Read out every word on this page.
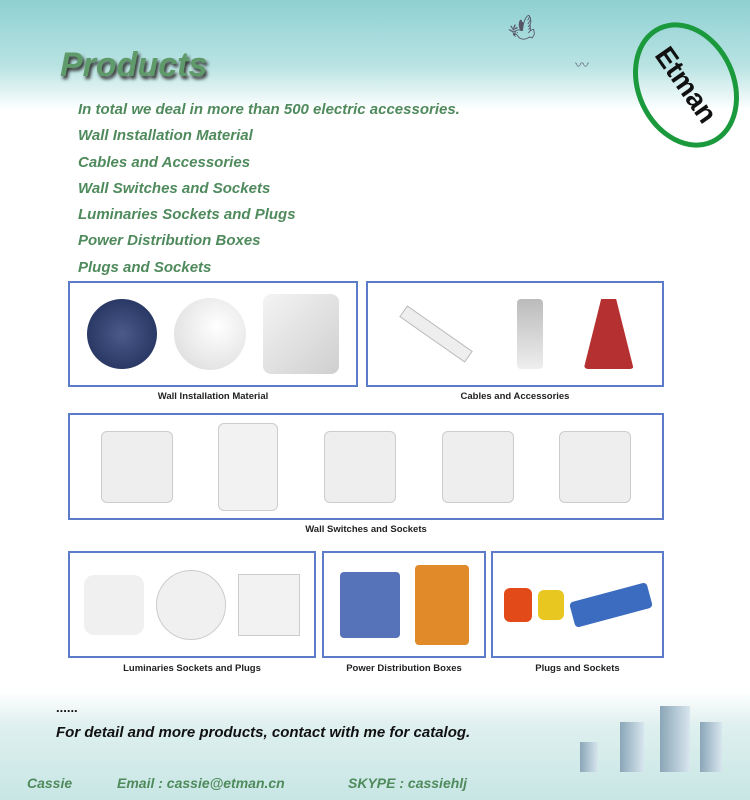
🕊
〰
Products	Etman
In total we deal in more than 500 electric accessories.
Wall Installation Material
Cables and Accessories
Wall Switches and Sockets
Luminaries Sockets and Plugs
Power Distribution Boxes
Plugs and Sockets
Wall Installation Material	Cables and Accessories
Wall Switches and Sockets
Luminaries Sockets and Plugs	Power Distribution Boxes	Plugs and Sockets
......
For detail and more products, contact with me for catalog.
Cassie	Email : cassie@etman.cn	SKYPE : cassiehlj
